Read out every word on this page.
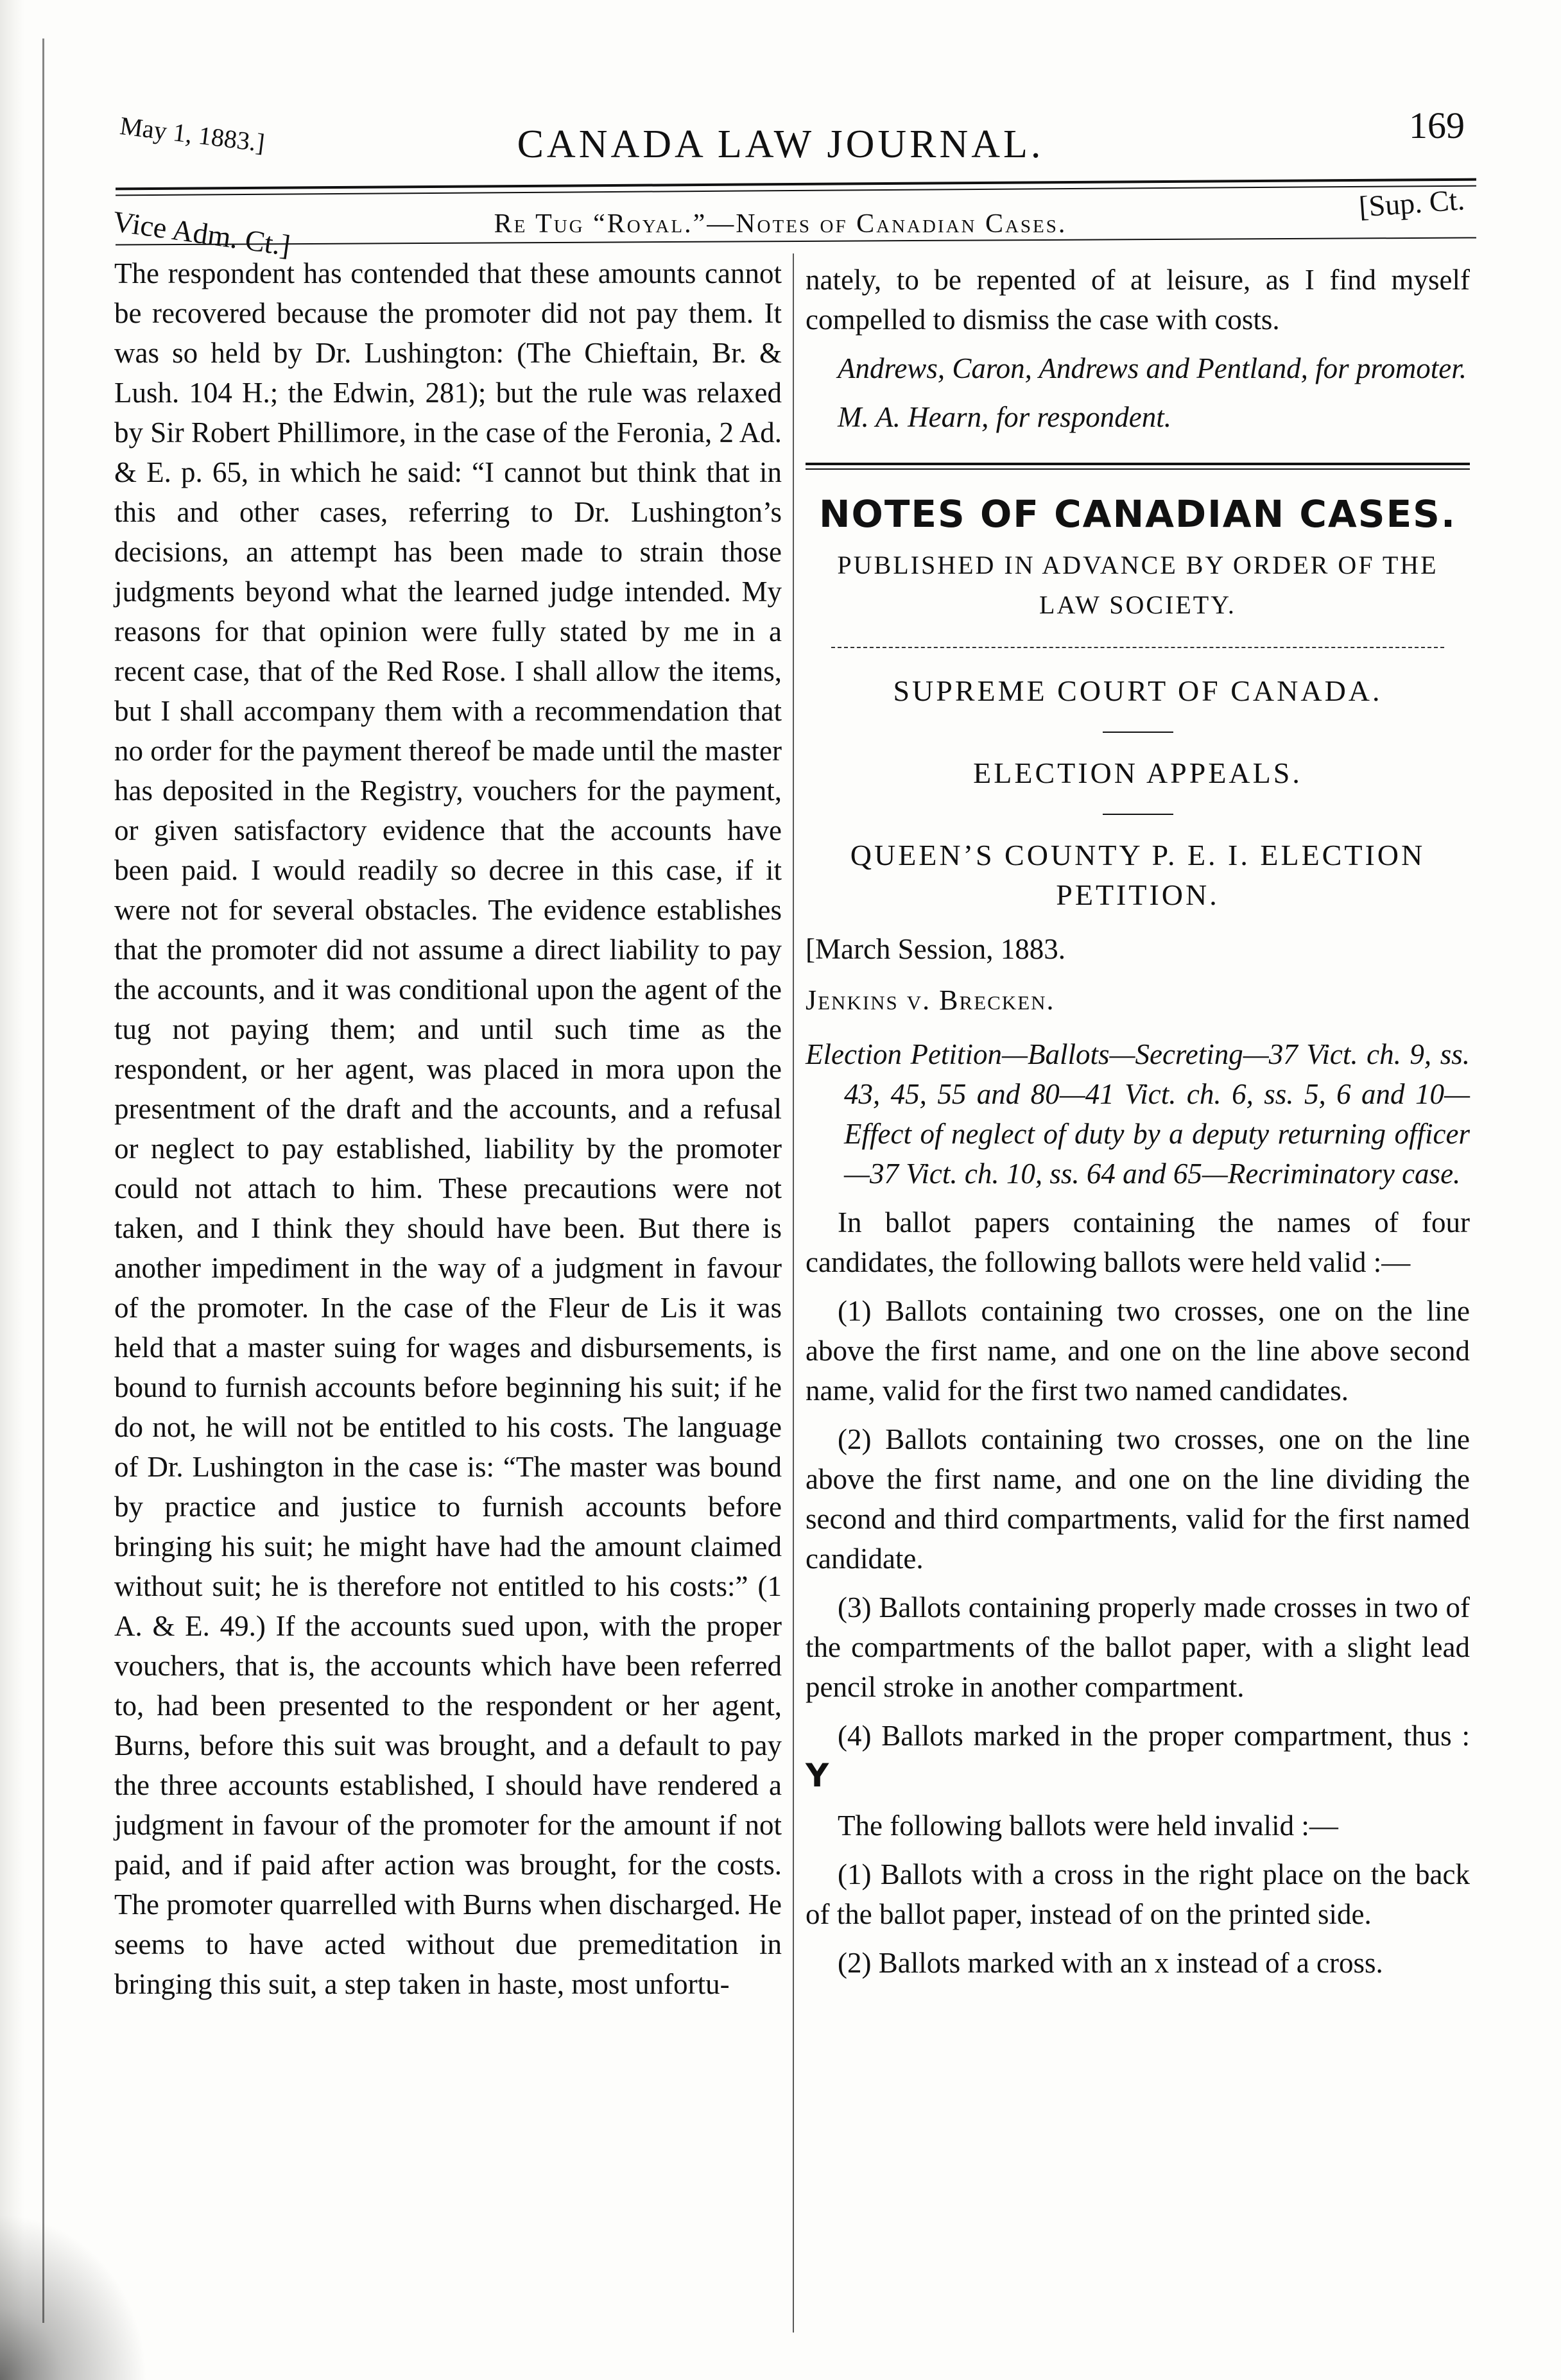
May 1, 1883.]	CANADA LAW JOURNAL.	169
Vice Adm. Ct.]	Re Tug “Royal.”—Notes of Canadian Cases.
[Sup. Ct.

The respondent has contended that these amounts cannot be recovered because the promoter did not pay them. It was so held by Dr. Lushington: (The Chieftain, Br. & Lush. 104 H.; the Edwin, 281); but the rule was relaxed by Sir Robert Phillimore, in the case of the Feronia, 2 Ad. & E. p. 65, in which he said: “I cannot but think that in this and other cases, referring to Dr. Lushington’s decisions, an attempt has been made to strain those judgments beyond what the learned judge intended. My reasons for that opinion were fully stated by me in a recent case, that of the Red Rose. I shall allow the items, but I shall accompany them with a recommendation that no order for the payment thereof be made until the master has deposited in the Registry, vouchers for the payment, or given satisfactory evidence that the accounts have been paid. I would readily so decree in this case, if it were not for several obstacles. The evidence establishes that the promoter did not assume a direct liability to pay the accounts, and it was conditional upon the agent of the tug not paying them; and until such time as the respondent, or her agent, was placed in mora upon the presentment of the draft and the accounts, and a refusal or neglect to pay established, liability by the promoter could not attach to him. These precautions were not taken, and I think they should have been. But there is another impediment in the way of a judgment in favour of the promoter. In the case of the Fleur de Lis it was held that a master suing for wages and disbursements, is bound to furnish accounts before beginning his suit; if he do not, he will not be entitled to his costs. The language of Dr. Lushington in the case is: “The master was bound by practice and justice to furnish accounts before bringing his suit; he might have had the amount claimed without suit; he is therefore not entitled to his costs:” (1 A. & E. 49.) If the accounts sued upon, with the proper vouchers, that is, the accounts which have been referred to, had been presented to the respondent or her agent, Burns, before this suit was brought, and a default to pay the three accounts established, I should have rendered a judgment in favour of the promoter for the amount if not paid, and if paid after action was brought, for the costs. The promoter quarrelled with Burns when discharged. He seems to have acted without due premeditation in bringing this suit, a step taken in haste, most unfortu-

nately, to be repented of at leisure, as I find myself compelled to dismiss the case with costs.

Andrews, Caron, Andrews and Pentland, for promoter.

M. A. Hearn, for respondent.

NOTES OF CANADIAN CASES.
PUBLISHED IN ADVANCE BY ORDER OF THE LAW SOCIETY.
SUPREME COURT OF CANADA.
ELECTION APPEALS.
QUEEN’S COUNTY P. E. I. ELECTION PETITION.

[March Session, 1883.

Jenkins v. Brecken.

Election Petition—Ballots—Secreting—37 Vict. ch. 9, ss. 43, 45, 55 and 80—41 Vict. ch. 6, ss. 5, 6 and 10—Effect of neglect of duty by a deputy returning officer—37 Vict. ch. 10, ss. 64 and 65—Recriminatory case.

In ballot papers containing the names of four candidates, the following ballots were held valid :—

(1) Ballots containing two crosses, one on the line above the first name, and one on the line above second name, valid for the first two named candidates.

(2) Ballots containing two crosses, one on the line above the first name, and one on the line dividing the second and third compartments, valid for the first named candidate.

(3) Ballots containing properly made crosses in two of the compartments of the ballot paper, with a slight lead pencil stroke in another compartment.

(4) Ballots marked in the proper compartment, thus : Y

The following ballots were held invalid :—

(1) Ballots with a cross in the right place on the back of the ballot paper, instead of on the printed side.

(2) Ballots marked with an x instead of a cross.
